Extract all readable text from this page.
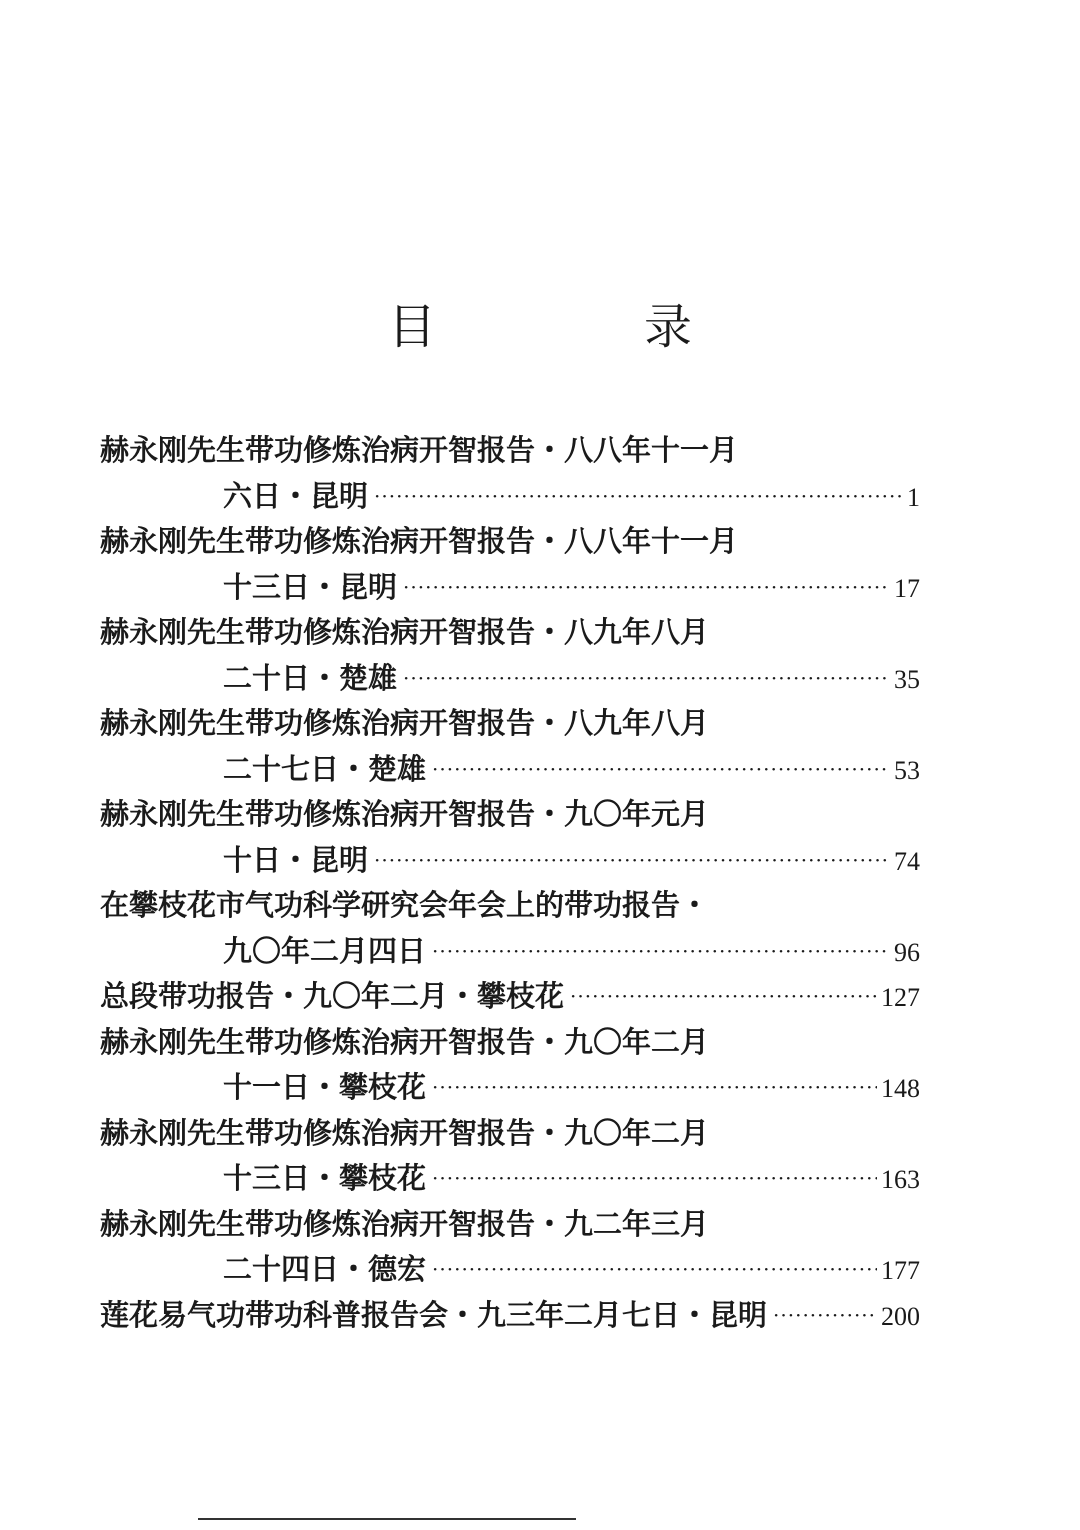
目　录
赫永刚先生带功修炼治病开智报告・八八年十一月
六日・昆明 ·····	1
赫永刚先生带功修炼治病开智报告・八八年十一月
十三日・昆明 ·····	17
赫永刚先生带功修炼治病开智报告・八九年八月
二十日・楚雄 ·····	35
赫永刚先生带功修炼治病开智报告・八九年八月
二十七日・楚雄 ·····	53
赫永刚先生带功修炼治病开智报告・九〇年元月
十日・昆明 ·····	74
在攀枝花市气功科学研究会年会上的带功报告・
九〇年二月四日 ·····	96
总段带功报告・九〇年二月・攀枝花 ·····	127
赫永刚先生带功修炼治病开智报告・九〇年二月
十一日・攀枝花 ·····	148
赫永刚先生带功修炼治病开智报告・九〇年二月
十三日・攀枝花 ·····	163
赫永刚先生带功修炼治病开智报告・九二年三月
二十四日・德宏 ·····	177
莲花易气功带功科普报告会・九三年二月七日・昆明 ·····	200
